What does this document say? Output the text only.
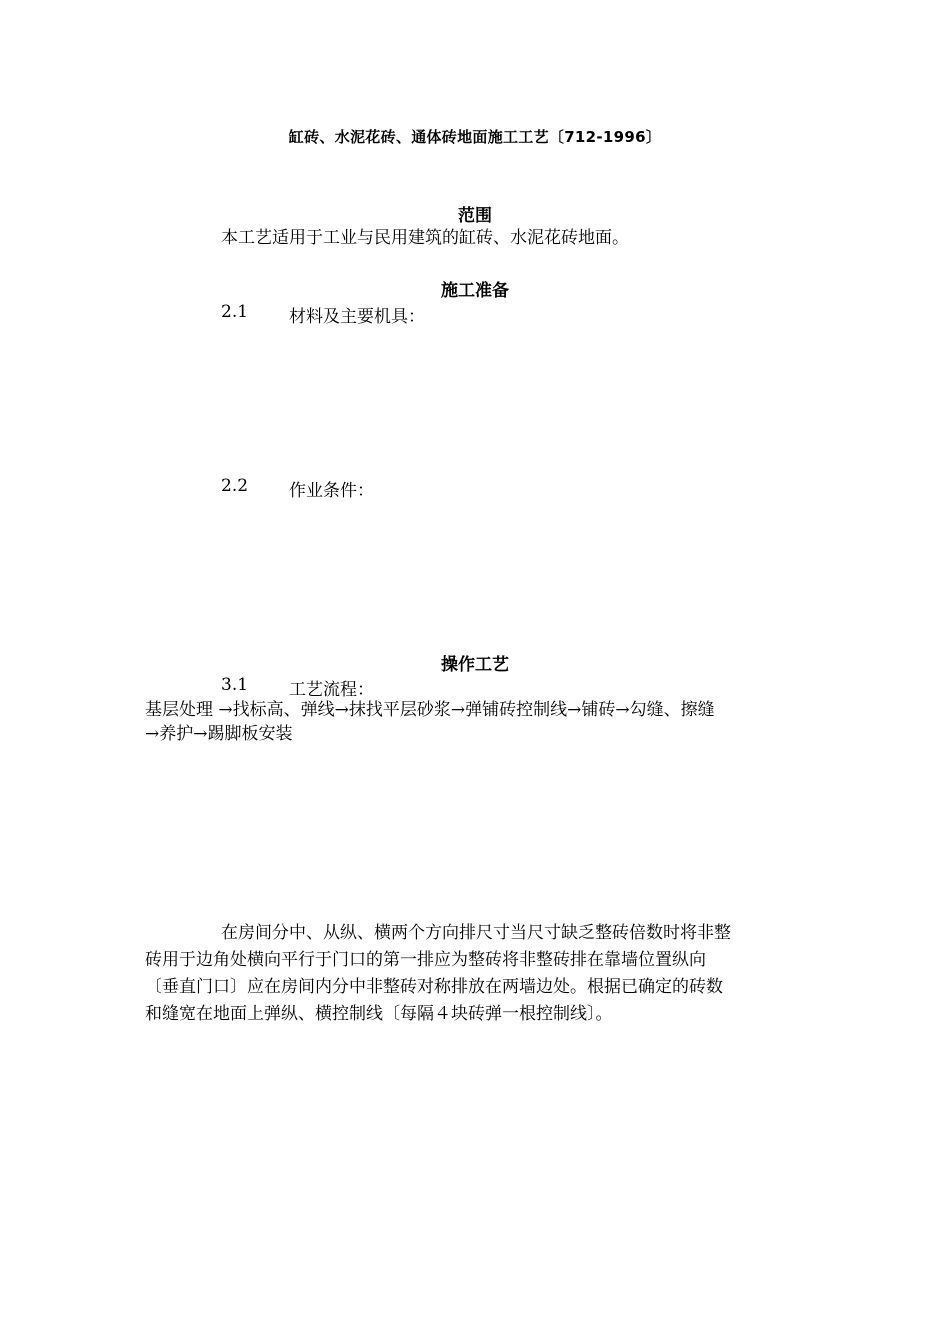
缸砖、水泥花砖、通体砖地面施工工艺〔712-1996〕
范围
本工艺适用于工业与民用建筑的缸砖、水泥花砖地面。
施工准备
2.1 材料及主要机具：
2.2 作业条件：
操作工艺
3.1 工艺流程：
基层处理 →找标高、弹线→抹找平层砂浆→弹铺砖控制线→铺砖→勾缝、擦缝
→养护→踢脚板安装
在房间分中、从纵、横两个方向排尺寸当尺寸缺乏整砖倍数时将非整
砖用于边角处横向平行于门口的第一排应为整砖将非整砖排在靠墙位置纵向
〔垂直门口〕应在房间内分中非整砖对称排放在两墙边处。根据已确定的砖数
和缝宽在地面上弹纵、横控制线〔每隔４块砖弹一根控制线〕。
